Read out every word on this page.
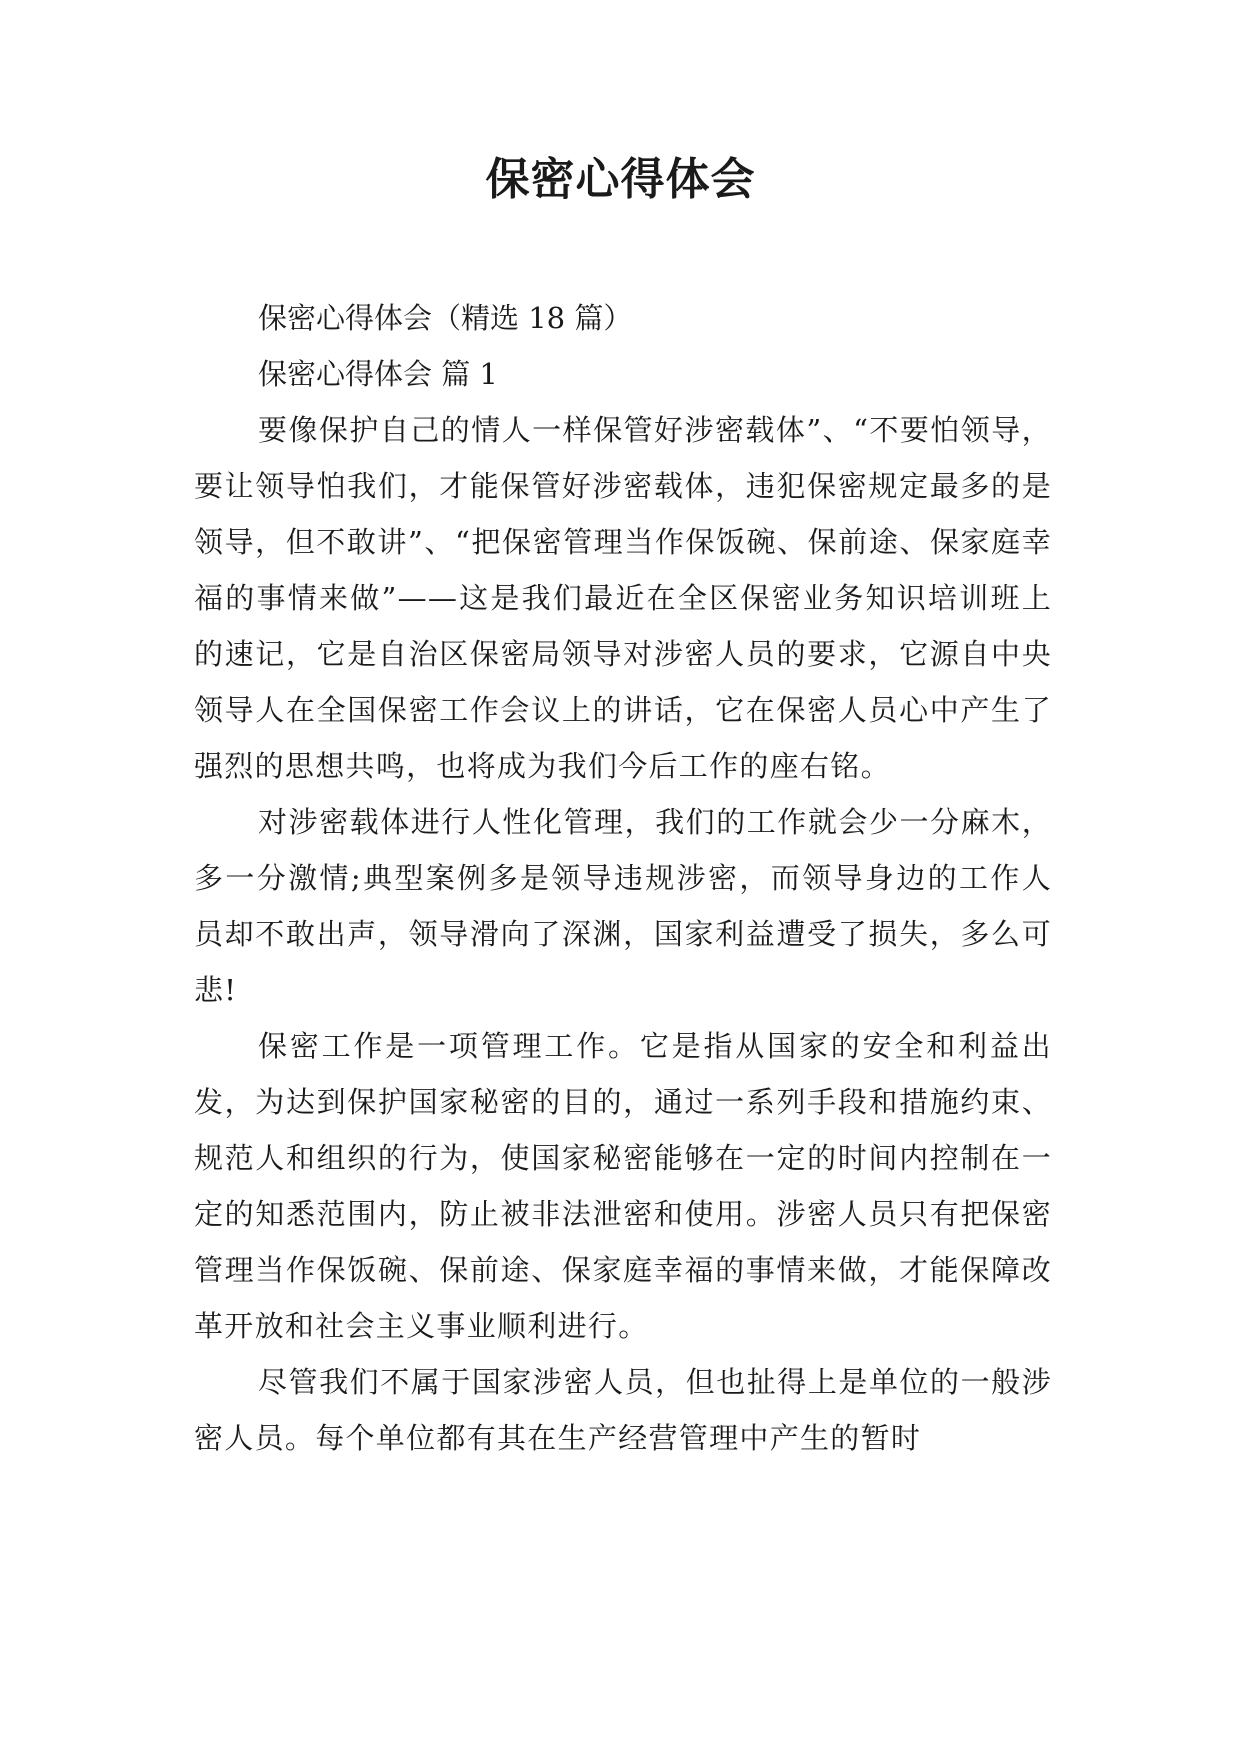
保密心得体会

保密心得体会（精选 18 篇）

保密心得体会 篇 1

要像保护自己的情人一样保管好涉密载体”、“不要怕领导，要让领导怕我们，才能保管好涉密载体，违犯保密规定最多的是领导，但不敢讲”、“把保密管理当作保饭碗、保前途、保家庭幸福的事情来做”——这是我们最近在全区保密业务知识培训班上的速记，它是自治区保密局领导对涉密人员的要求，它源自中央领导人在全国保密工作会议上的讲话，它在保密人员心中产生了强烈的思想共鸣，也将成为我们今后工作的座右铭。

对涉密载体进行人性化管理，我们的工作就会少一分麻木，多一分激情;典型案例多是领导违规涉密，而领导身边的工作人员却不敢出声，领导滑向了深渊，国家利益遭受了损失，多么可悲!

保密工作是一项管理工作。它是指从国家的安全和利益出发，为达到保护国家秘密的目的，通过一系列手段和措施约束、规范人和组织的行为，使国家秘密能够在一定的时间内控制在一定的知悉范围内，防止被非法泄密和使用。涉密人员只有把保密管理当作保饭碗、保前途、保家庭幸福的事情来做，才能保障改革开放和社会主义事业顺利进行。

尽管我们不属于国家涉密人员，但也扯得上是单位的一般涉密人员。每个单位都有其在生产经营管理中产生的暂时
